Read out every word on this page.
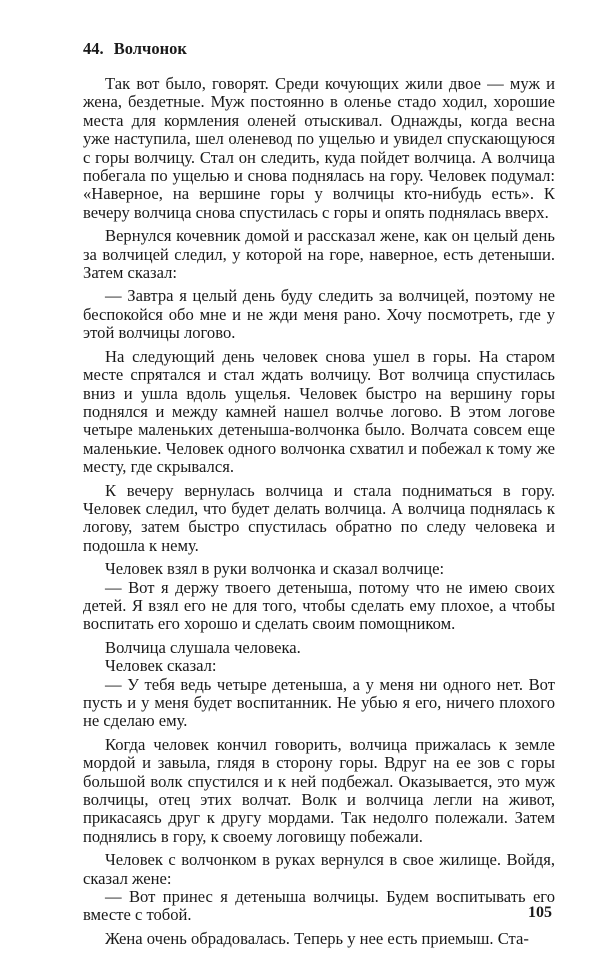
44. Волчонок

Так вот было, говорят. Среди кочующих жили двое — муж и жена, бездетные. Муж постоянно в оленье стадо ходил, хорошие места для кормления оленей отыскивал. Однажды, когда весна уже наступила, шел оленевод по ущелью и увидел спускающуюся с горы волчицу. Стал он следить, куда пойдет волчица. А волчица побегала по ущелью и снова поднялась на гору. Человек подумал: «Наверное, на вершине горы у волчицы кто-нибудь есть». К вечеру волчица снова спустилась с горы и опять поднялась вверх.

Вернулся кочевник домой и рассказал жене, как он целый день за волчицей следил, у которой на горе, наверное, есть детеныши. Затем сказал:

— Завтра я целый день буду следить за волчицей, поэтому не беспокойся обо мне и не жди меня рано. Хочу посмотреть, где у этой волчицы логово.

На следующий день человек снова ушел в горы. На старом месте спрятался и стал ждать волчицу. Вот волчица спустилась вниз и ушла вдоль ущелья. Человек быстро на вершину горы поднялся и между камней нашел волчье логово. В этом логове четыре маленьких детеныша-волчонка было. Волчата совсем еще маленькие. Человек одного волчонка схватил и побежал к тому же месту, где скрывался.

К вечеру вернулась волчица и стала подниматься в гору. Человек следил, что будет делать волчица. А волчица поднялась к логову, затем быстро спустилась обратно по следу человека и подошла к нему.

Человек взял в руки волчонка и сказал волчице:

— Вот я держу твоего детеныша, потому что не имею своих детей. Я взял его не для того, чтобы сделать ему плохое, а чтобы воспитать его хорошо и сделать своим помощником.

Волчица слушала человека.

Человек сказал:

— У тебя ведь четыре детеныша, а у меня ни одного нет. Вот пусть и у меня будет воспитанник. Не убью я его, ничего плохого не сделаю ему.

Когда человек кончил говорить, волчица прижалась к земле мордой и завыла, глядя в сторону горы. Вдруг на ее зов с горы большой волк спустился и к ней подбежал. Оказывается, это муж волчицы, отец этих волчат. Волк и волчица легли на живот, прикасаясь друг к другу мордами. Так недолго полежали. Затем поднялись в гору, к своему логовищу побежали.

Человек с волчонком в руках вернулся в свое жилище. Войдя, сказал жене:

— Вот принес я детеныша волчицы. Будем воспитывать его вместе с тобой.

Жена очень обрадовалась. Теперь у нее есть приемыш. Ста-

105
